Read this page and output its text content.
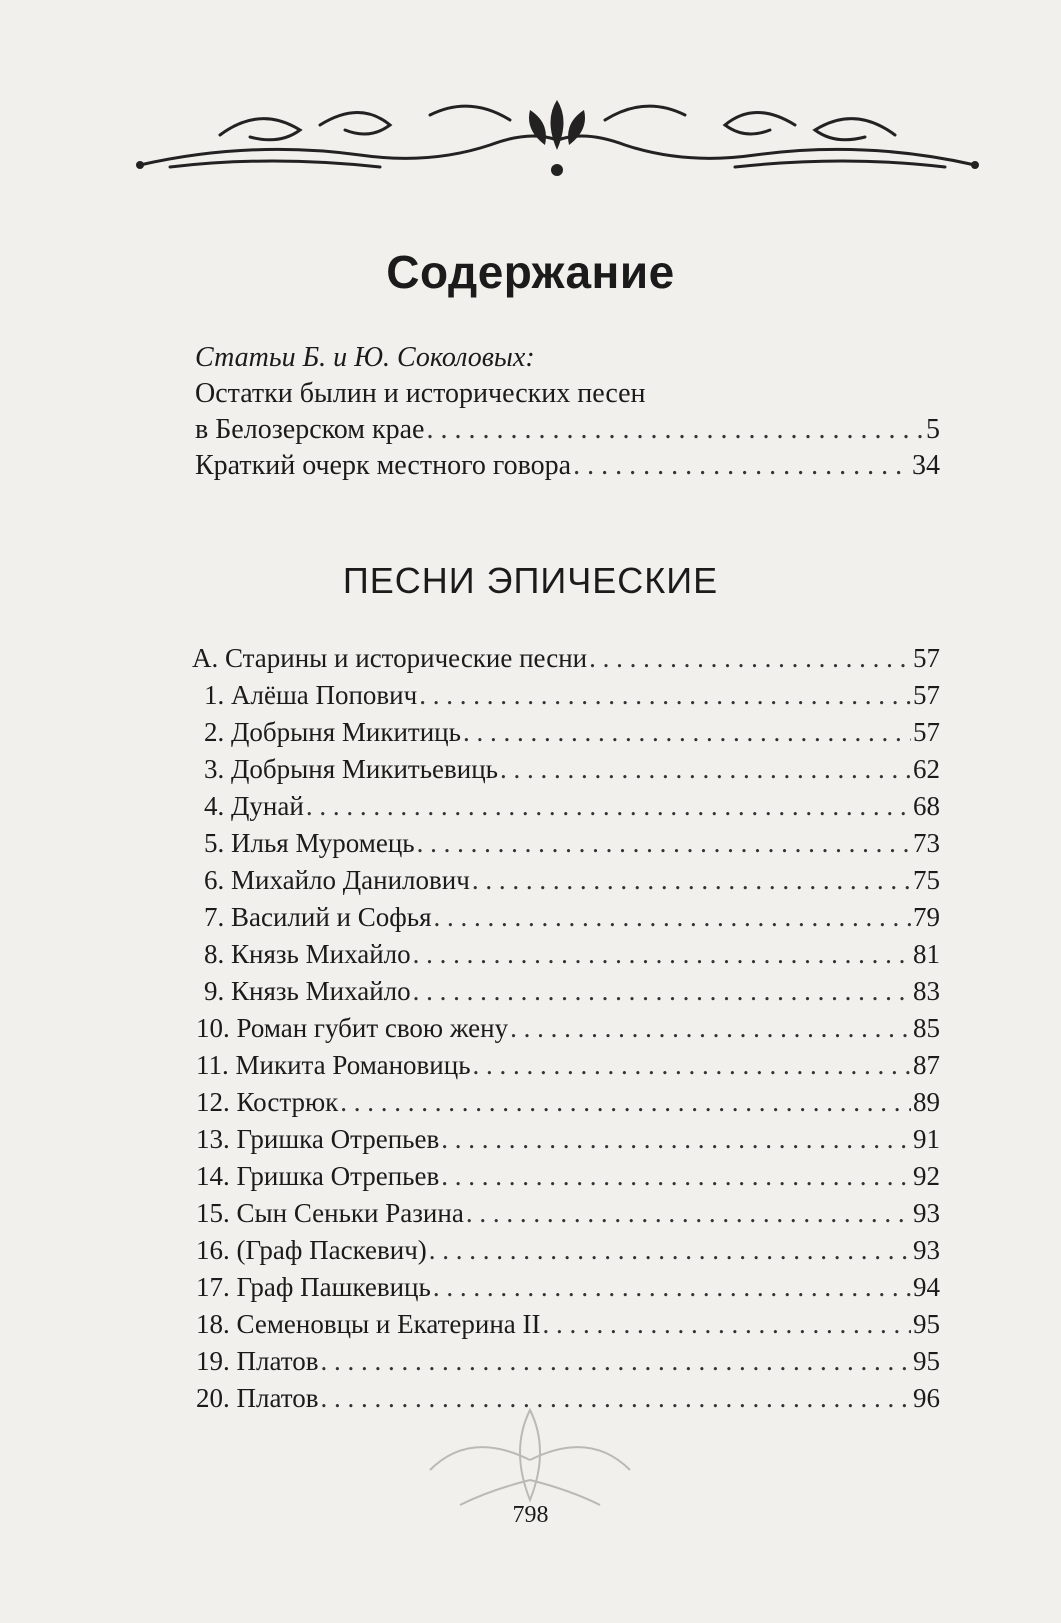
Содержание
Статьи Б. и Ю. Соколовых:
Остатки былин и исторических песен
в Белозерском крае . . .	5
Краткий очерк местного говора . . .	34
ПЕСНИ ЭПИЧЕСКИЕ
А. Старины и исторические песни . . .	57
1. Алёша Попович . . .	57
2. Добрыня Микитиць . . .	57
3. Добрыня Микитьевиць . . .	62
4. Дунай . . .	68
5. Илья Муромець . . .	73
6. Михайло Данилович . . .	75
7. Василий и Софья . . .	79
8. Князь Михайло . . .	81
9. Князь Михайло . . .	83
10. Роман губит свою жену . . .	85
11. Микита Романовиць . . .	87
12. Кострюк . . .	89
13. Гришка Отрепьев . . .	91
14. Гришка Отрепьев . . .	92
15. Сын Сеньки Разина . . .	93
16. (Граф Паскевич) . . .	93
17. Граф Пашкевиць . . .	94
18. Семеновцы и Екатерина II . . .	95
19. Платов . . .	95
20. Платов . . .	96
798
